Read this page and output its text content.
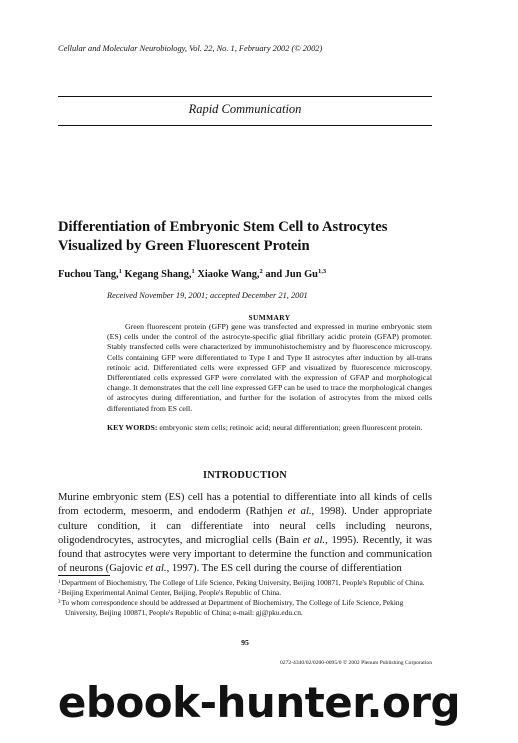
Cellular and Molecular Neurobiology, Vol. 22, No. 1, February 2002 (© 2002)
Rapid Communication
Differentiation of Embryonic Stem Cell to Astrocytes
Visualized by Green Fluorescent Protein
Fuchou Tang,$^1$ Kegang Shang,$^1$ Xiaoke Wang,$^2$ and Jun Gu$^{1,3}$
Received November 19, 2001; accepted December 21, 2001
SUMMARY

Green fluorescent protein (GFP) gene was transfected and expressed in murine embryonic stem (ES) cells under the control of the astrocyte-specific glial fibrillary acidic protein (GFAP) promoter. Stably transfected cells were characterized by immunohistochemistry and by fluorescence microscopy. Cells containing GFP were differentiated to Type I and Type II astrocytes after induction by all-trans retinoic acid. Differentiated cells were expressed GFP and visualized by fluorescence microscopy. Differentiated cells expressed GFP were correlated with the expression of GFAP and morphological change. It demonstrates that the cell line expressed GFP can be used to trace the morphological changes of astrocytes during differentiation, and further for the isolation of astrocytes from the mixed cells differentiated from ES cell.

KEY WORDS: embryonic stem cells; retinoic acid; neural differentiation; green fluorescent protein.

INTRODUCTION

Murine embryonic stem (ES) cell has a potential to differentiate into all kinds of cells from ectoderm, mesoerm, and endoderm (Rathjen et al., 1998). Under appropriate culture condition, it can differentiate into neural cells including neurons, oligodendrocytes, astrocytes, and microglial cells (Bain et al., 1995). Recently, it was found that astrocytes were very important to determine the function and communication of neurons (Gajovic et al., 1997). The ES cell during the course of differentiation

$^1$Department of Biochemistry, The College of Life Science, Peking University, Beijing 100871, People's Republic of China.

$^2$Beijing Experimental Animal Center, Beijing, People's Republic of China.

$^3$To whom correspondence should be addressed at Department of Biochemistry, The College of Life Science, Peking University, Beijing 100871, People's Republic of China; e-mail: gj@pku.edu.cn.

95
0272-4340/02/0200-0095/0 © 2002 Plenum Publishing Corporation
ebook-hunter.org
